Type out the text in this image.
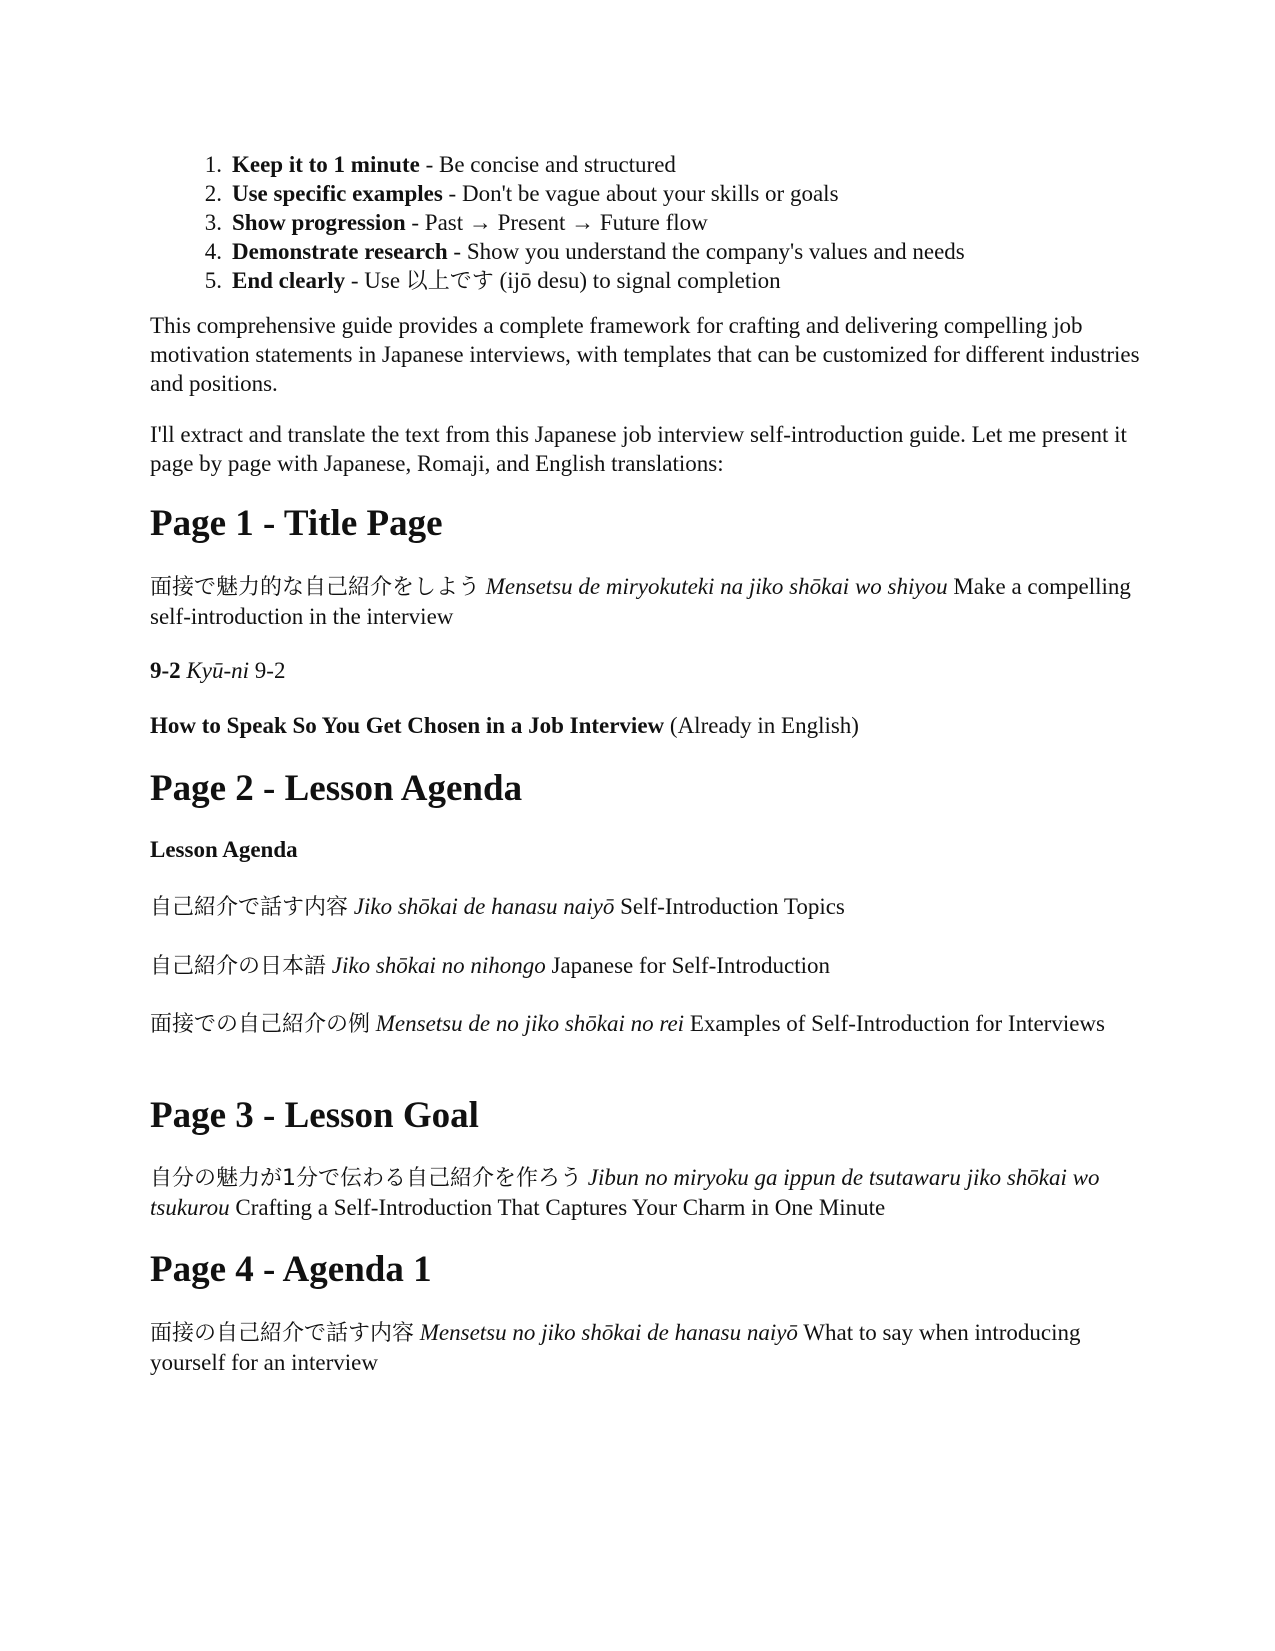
1. Keep it to 1 minute - Be concise and structured
2. Use specific examples - Don't be vague about your skills or goals
3. Show progression - Past → Present → Future flow
4. Demonstrate research - Show you understand the company's values and needs
5. End clearly - Use 以上です (ijō desu) to signal completion

This comprehensive guide provides a complete framework for crafting and delivering compelling job motivation statements in Japanese interviews, with templates that can be customized for different industries and positions.

I'll extract and translate the text from this Japanese job interview self-introduction guide. Let me present it page by page with Japanese, Romaji, and English translations:

Page 1 - Title Page

面接で魅力的な自己紹介をしよう Mensetsu de miryokuteki na jiko shōkai wo shiyou Make a compelling self-introduction in the interview

9-2 Kyū-ni 9-2

How to Speak So You Get Chosen in a Job Interview (Already in English)

Page 2 - Lesson Agenda

Lesson Agenda

自己紹介で話す内容 Jiko shōkai de hanasu naiyō Self-Introduction Topics

自己紹介の日本語 Jiko shōkai no nihongo Japanese for Self-Introduction

面接での自己紹介の例 Mensetsu de no jiko shōkai no rei Examples of Self-Introduction for Interviews

Page 3 - Lesson Goal

自分の魅力が1分で伝わる自己紹介を作ろう Jibun no miryoku ga ippun de tsutawaru jiko shōkai wo tsukurou Crafting a Self-Introduction That Captures Your Charm in One Minute

Page 4 - Agenda 1

面接の自己紹介で話す内容 Mensetsu no jiko shōkai de hanasu naiyō What to say when introducing yourself for an interview
